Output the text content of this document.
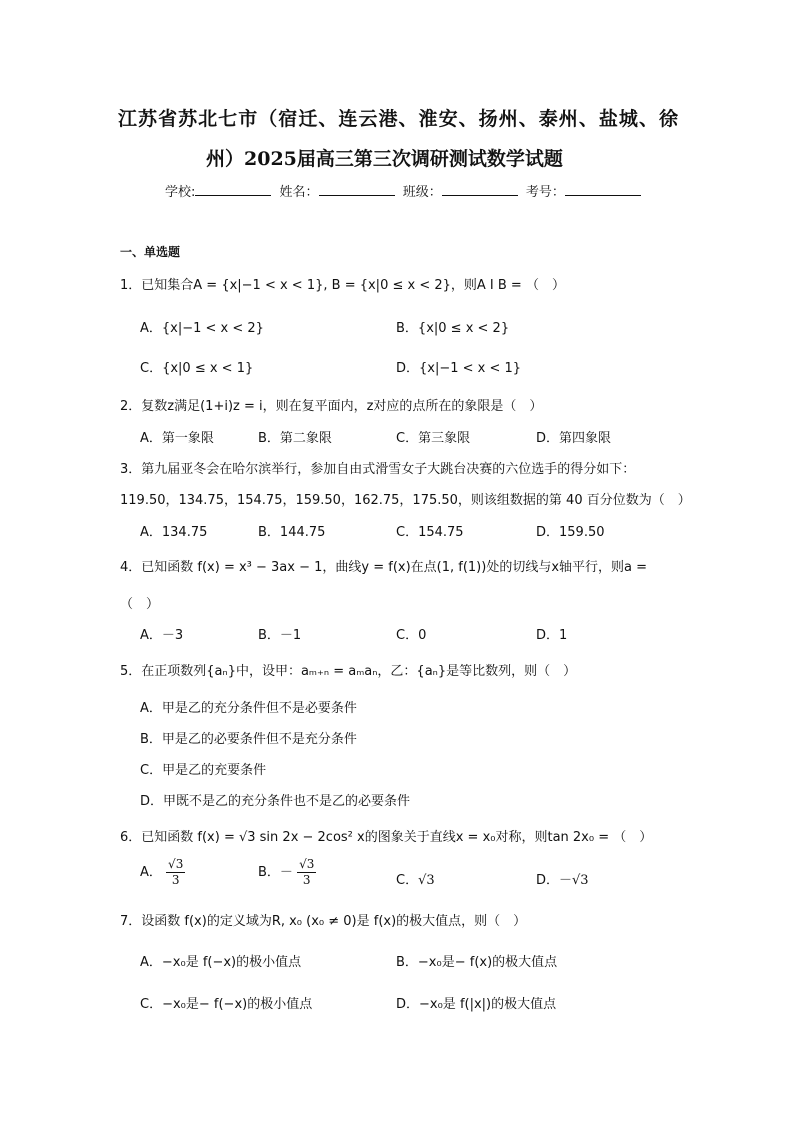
江苏省苏北七市（宿迁、连云港、淮安、扬州、泰州、盐城、徐
州）2025届高三第三次调研测试数学试题
学校:	姓名：	班级：	考号：
一、单选题
1．已知集合A = {x|−1 < x < 1}, B = {x|0 ≤ x < 2}，则A I B = （　）
A．{x|−1 < x < 2}	B．{x|0 ≤ x < 2}
C．{x|0 ≤ x < 1}	D．{x|−1 < x < 1}
2．复数z满足(1+i)z = i，则在复平面内，z对应的点所在的象限是（　）
A．第一象限	B．第二象限	C．第三象限	D．第四象限
3．第九届亚冬会在哈尔滨举行，参加自由式滑雪女子大跳台决赛的六位选手的得分如下：
119.50，134.75，154.75，159.50，162.75，175.50，则该组数据的第 40 百分位数为（　）
A．134.75	B．144.75	C．154.75	D．159.50
4．已知函数 f(x) = x³ − 3ax − 1，曲线y = f(x)在点(1, f(1))处的切线与x轴平行，则a =
（　）
A．－3	B．－1	C．0	D．1
5．在正项数列{aₙ}中，设甲：aₘ₊ₙ = aₘaₙ，乙：{aₙ}是等比数列，则（　）
A．甲是乙的充分条件但不是必要条件
B．甲是乙的必要条件但不是充分条件
C．甲是乙的充要条件
D．甲既不是乙的充分条件也不是乙的必要条件
6．已知函数 f(x) = √3 sin 2x − 2cos² x的图象关于直线x = x₀对称，则tan 2x₀ = （　）
A． $\frac{√3}{3}$	B．－ $\frac{√3}{3}$	C．√3	D．－√3
7．设函数 f(x)的定义域为R, x₀ (x₀ ≠ 0)是 f(x)的极大值点，则（　）
A．−x₀是 f(−x)的极小值点	B．−x₀是− f(x)的极大值点
C．−x₀是− f(−x)的极小值点	D．−x₀是 f(|x|)的极大值点
